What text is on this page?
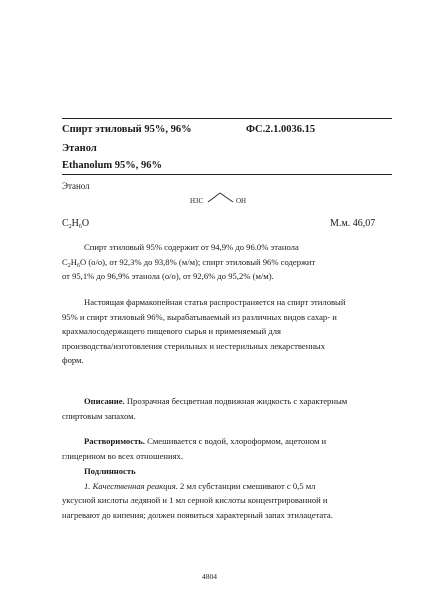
Спирт этиловый 95%, 96%	ФС.2.1.0036.15
Этанол
Ethanolum 95%, 96%
Этанол
H3C	OH
$C_2H_6O$	М.м. 46,07

Спирт этиловый 95% содержит от 94,9% до 96.0% этанола

$C_2H_6O$ (о/о), от 92,3% до 93,8% (м/м); спирт этиловый 96% содержит
от 95,1% до 96,9% этанола (о/о), от 92,6% до 95,2% (м/м).

Настоящая фармакопейная статья распространяется на спирт этиловый

95% и спирт этиловый 96%, вырабатываемый из различных видов сахар- и
крахмалосодержащего пищевого сырья и применяемый для
производства/изготовления стерильных и нестерильных лекарственных
форм.

Описание. Прозрачная бесцветная подвижная жидкость с характерным

спиртовым запахом.

Растворимость. Смешивается с водой, хлороформом, ацетоном и

глицерином во всех отношениях.

Подлинность

1. Качественная реакция. 2 мл субстанции смешивают с 0,5 мл

уксусной кислоты ледяной и 1 мл серной кислоты концентрированной и
нагревают до кипения; должен появиться характерный запах этилацетата.
4804
